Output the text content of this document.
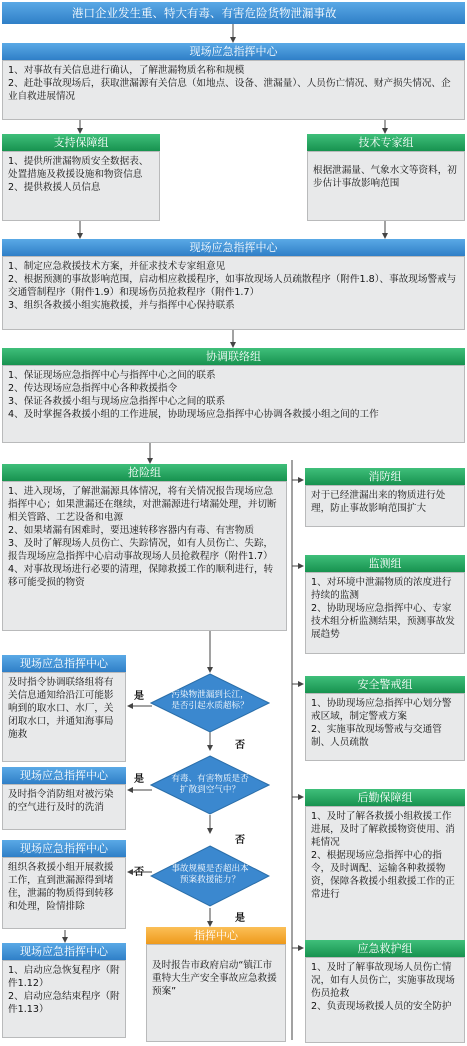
港口企业发生重、特大有毒、有害危险货物泄漏事故
现场应急指挥中心
1、对事故有关信息进行确认，了解泄漏物质名称和规模
2、赶赴事故现场后，获取泄漏源有关信息（如地点、设备、泄漏量）、人员伤亡情况、财产损失情况、企业自救进展情况
支持保障组
1、提供所泄漏物质安全数据表、处置措施及救援设施和物资信息
2、提供救援人员信息
技术专家组
根据泄漏量、气象水文等资料，初步估计事故影响范围
现场应急指挥中心
1、制定应急救援技术方案，并征求技术专家组意见
2、根据预测的事故影响范围，启动相应救援程序，如事故现场人员疏散程序（附件1.8）、事故现场警戒与交通管制程序（附件1.9）和现场伤员抢救程序（附件1.7）
3、组织各救援小组实施救援，并与指挥中心保持联系
协调联络组
1、保证现场应急指挥中心与指挥中心之间的联系
2、传达现场应急指挥中心各种救援指令
3、保证各救援小组与现场应急指挥中心之间的联系
4、及时掌握各救援小组的工作进展，协助现场应急指挥中心协调各救援小组之间的工作
抢险组
1、进入现场，了解泄漏源具体情况，将有关情况报告现场应急指挥中心；如果泄漏还在继续，对泄漏源进行堵漏处理，并切断相关管路、工艺设备和电源
2、如果堵漏有困难时，要迅速转移容器内有毒、有害物质
3、及时了解现场人员伤亡、失踪情况，如有人员伤亡、失踪，报告现场应急指挥中心启动事故现场人员抢救程序（附件1.7）
4、对事故现场进行必要的清理，保障救援工作的顺利进行，转移可能受损的物资
消防组
对于已经泄漏出来的物质进行处理，防止事故影响范围扩大
监测组
1、对环境中泄漏物质的浓度进行持续的监测
2、协助现场应急指挥中心、专家技术组分析监测结果，预测事故发展趋势
安全警戒组
1、协助现场应急指挥中心划分警戒区域，制定警戒方案
2、实施事故现场警戒与交通管制、人员疏散
后勤保障组
1、及时了解各救援小组救援工作进展，及时了解救援物资使用、消耗情况
2、根据现场应急指挥中心的指令，及时调配、运输各种救援物资，保障各救援小组救援工作的正常进行
应急救护组
1、及时了解事故现场人员伤亡情况，如有人员伤亡，实施事故现场伤员抢救
2、负责现场救援人员的安全防护
现场应急指挥中心
及时指令协调联络组将有关信息通知给沿江可能影响到的取水口、水厂，关闭取水口，并通知海事局施救
现场应急指挥中心
及时指令消防组对被污染的空气进行及时的洗消
现场应急指挥中心
组织各救援小组开展救援工作，直到泄漏源得到堵住，泄漏的物质得到转移和处理，险情排除
现场应急指挥中心
1、启动应急恢复程序（附件1.12）
2、启动应急结束程序（附件1.13）
污染物泄漏到长江，是否引起水质超标？
有毒、有害物质是否扩散到空气中？
事故规模是否超出本预案救援能力？
是
否
是
否
否
是
指挥中心
及时报告市政府启动“镇江市重特大生产安全事故应急救援预案”
